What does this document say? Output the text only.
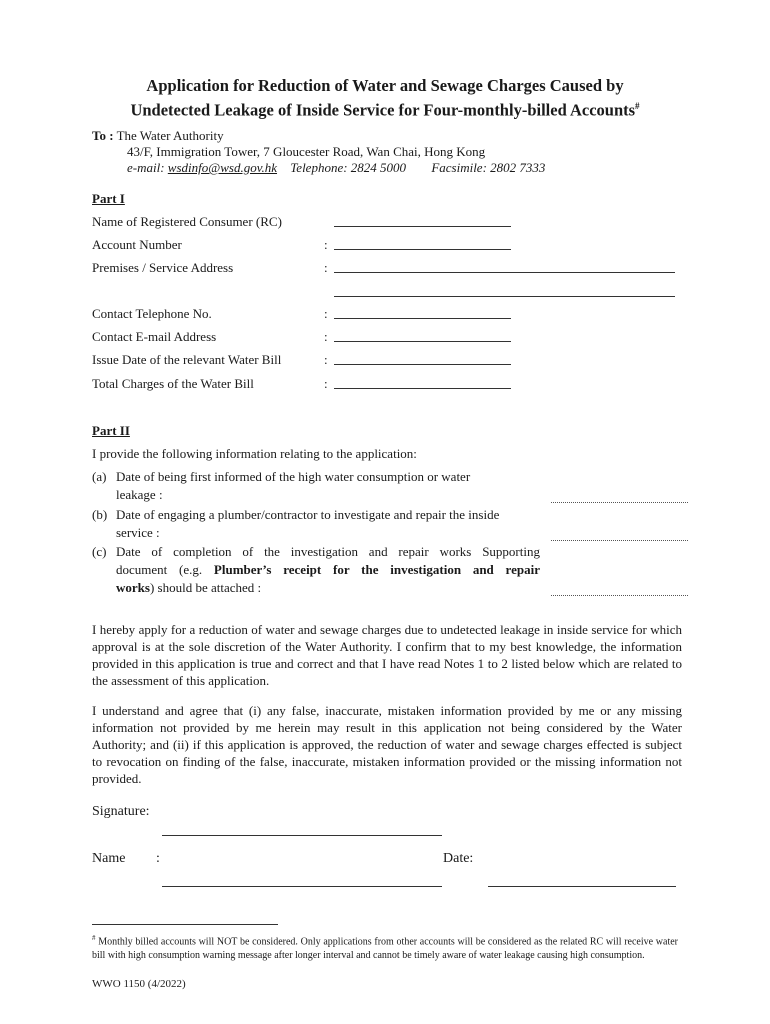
Application for Reduction of Water and Sewage Charges Caused by
Undetected Leakage of Inside Service for Four-monthly-billed Accounts#
To : The Water Authority
43/F, Immigration Tower, 7 Gloucester Road, Wan Chai, Hong Kong
e-mail: wsdinfo@wsd.gov.hk Telephone: 2824 5000 Facsimile: 2802 7333
Part I
Name of Registered Consumer (RC)
Account Number	:
Premises / Service Address	:
Contact Telephone No.	:
Contact E-mail Address	:
Issue Date of the relevant Water Bill	:
Total Charges of the Water Bill	:
Part II
I provide the following information relating to the application:
(a) Date of being first informed of the high water consumption or water
leakage :
(b) Date of engaging a plumber/contractor to investigate and repair the inside
service :
(c) Date of completion of the investigation and repair works Supporting
document (e.g. Plumber’s receipt for the investigation and repair
works) should be attached :
I hereby apply for a reduction of water and sewage charges due to undetected leakage in inside service for which approval is at the sole discretion of the Water Authority. I confirm that to my best knowledge, the information provided in this application is true and correct and that I have read Notes 1 to 2 listed below which are related to the assessment of this application.
I understand and agree that (i) any false, inaccurate, mistaken information provided by me or any missing information not provided by me herein may result in this application not being considered by the Water Authority; and (ii) if this application is approved, the reduction of water and sewage charges effected is subject to revocation on finding of the false, inaccurate, mistaken information provided or the missing information not provided.
Signature:
Name :	Date:
# Monthly billed accounts will NOT be considered. Only applications from other accounts will be considered as the related RC will receive water bill with high consumption warning message after longer interval and cannot be timely aware of water leakage causing high consumption.
WWO 1150 (4/2022)
